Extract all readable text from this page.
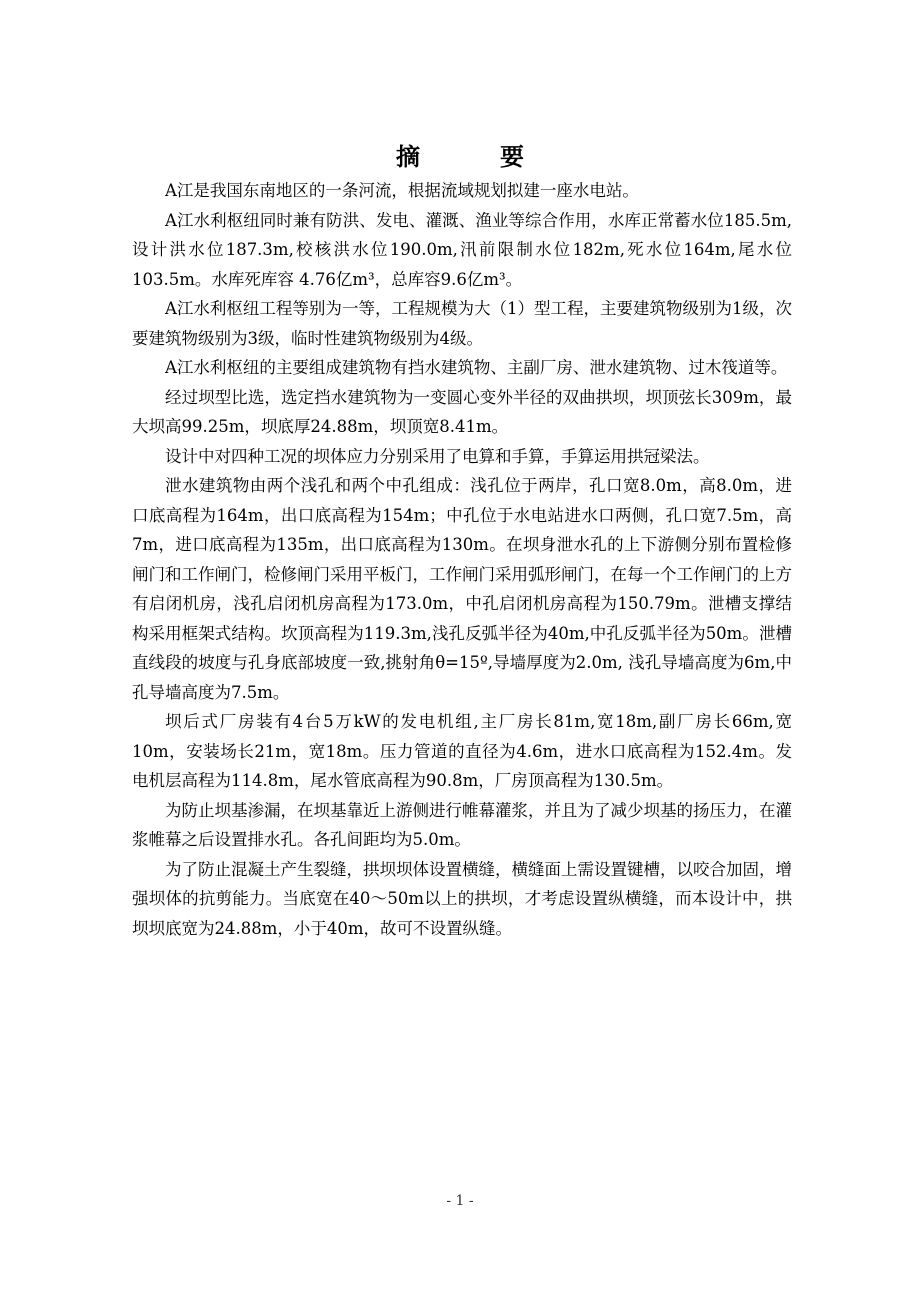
摘　要

A江是我国东南地区的一条河流，根据流域规划拟建一座水电站。

A江水利枢纽同时兼有防洪、发电、灌溉、渔业等综合作用，水库正常蓄水位185.5m,设计洪水位187.3m,校核洪水位190.0m,汛前限制水位182m,死水位164m,尾水位103.5m。水库死库容 4.76亿m³，总库容9.6亿m³。

A江水利枢纽工程等别为一等，工程规模为大（1）型工程，主要建筑物级别为1级，次要建筑物级别为3级，临时性建筑物级别为4级。

A江水利枢纽的主要组成建筑物有挡水建筑物、主副厂房、泄水建筑物、过木筏道等。

经过坝型比选，选定挡水建筑物为一变圆心变外半径的双曲拱坝，坝顶弦长309m，最大坝高99.25m，坝底厚24.88m，坝顶宽8.41m。

设计中对四种工况的坝体应力分别采用了电算和手算，手算运用拱冠梁法。

泄水建筑物由两个浅孔和两个中孔组成：浅孔位于两岸，孔口宽8.0m，高8.0m，进口底高程为164m，出口底高程为154m；中孔位于水电站进水口两侧，孔口宽7.5m，高7m，进口底高程为135m，出口底高程为130m。在坝身泄水孔的上下游侧分别布置检修闸门和工作闸门，检修闸门采用平板门，工作闸门采用弧形闸门，在每一个工作闸门的上方有启闭机房，浅孔启闭机房高程为173.0m，中孔启闭机房高程为150.79m。泄槽支撑结构采用框架式结构。坎顶高程为119.3m,浅孔反弧半径为40m,中孔反弧半径为50m。泄槽直线段的坡度与孔身底部坡度一致,挑射角θ=15º,导墙厚度为2.0m, 浅孔导墙高度为6m,中孔导墙高度为7.5m。

坝后式厂房装有4台5万kW的发电机组,主厂房长81m,宽18m,副厂房长66m,宽10m，安装场长21m，宽18m。压力管道的直径为4.6m，进水口底高程为152.4m。发电机层高程为114.8m，尾水管底高程为90.8m，厂房顶高程为130.5m。

为防止坝基渗漏，在坝基靠近上游侧进行帷幕灌浆，并且为了减少坝基的扬压力，在灌浆帷幕之后设置排水孔。各孔间距均为5.0m。

为了防止混凝土产生裂缝，拱坝坝体设置横缝，横缝面上需设置键槽，以咬合加固，增强坝体的抗剪能力。当底宽在40～50m以上的拱坝，才考虑设置纵横缝，而本设计中，拱坝坝底宽为24.88m，小于40m，故可不设置纵缝。

- 1 -
